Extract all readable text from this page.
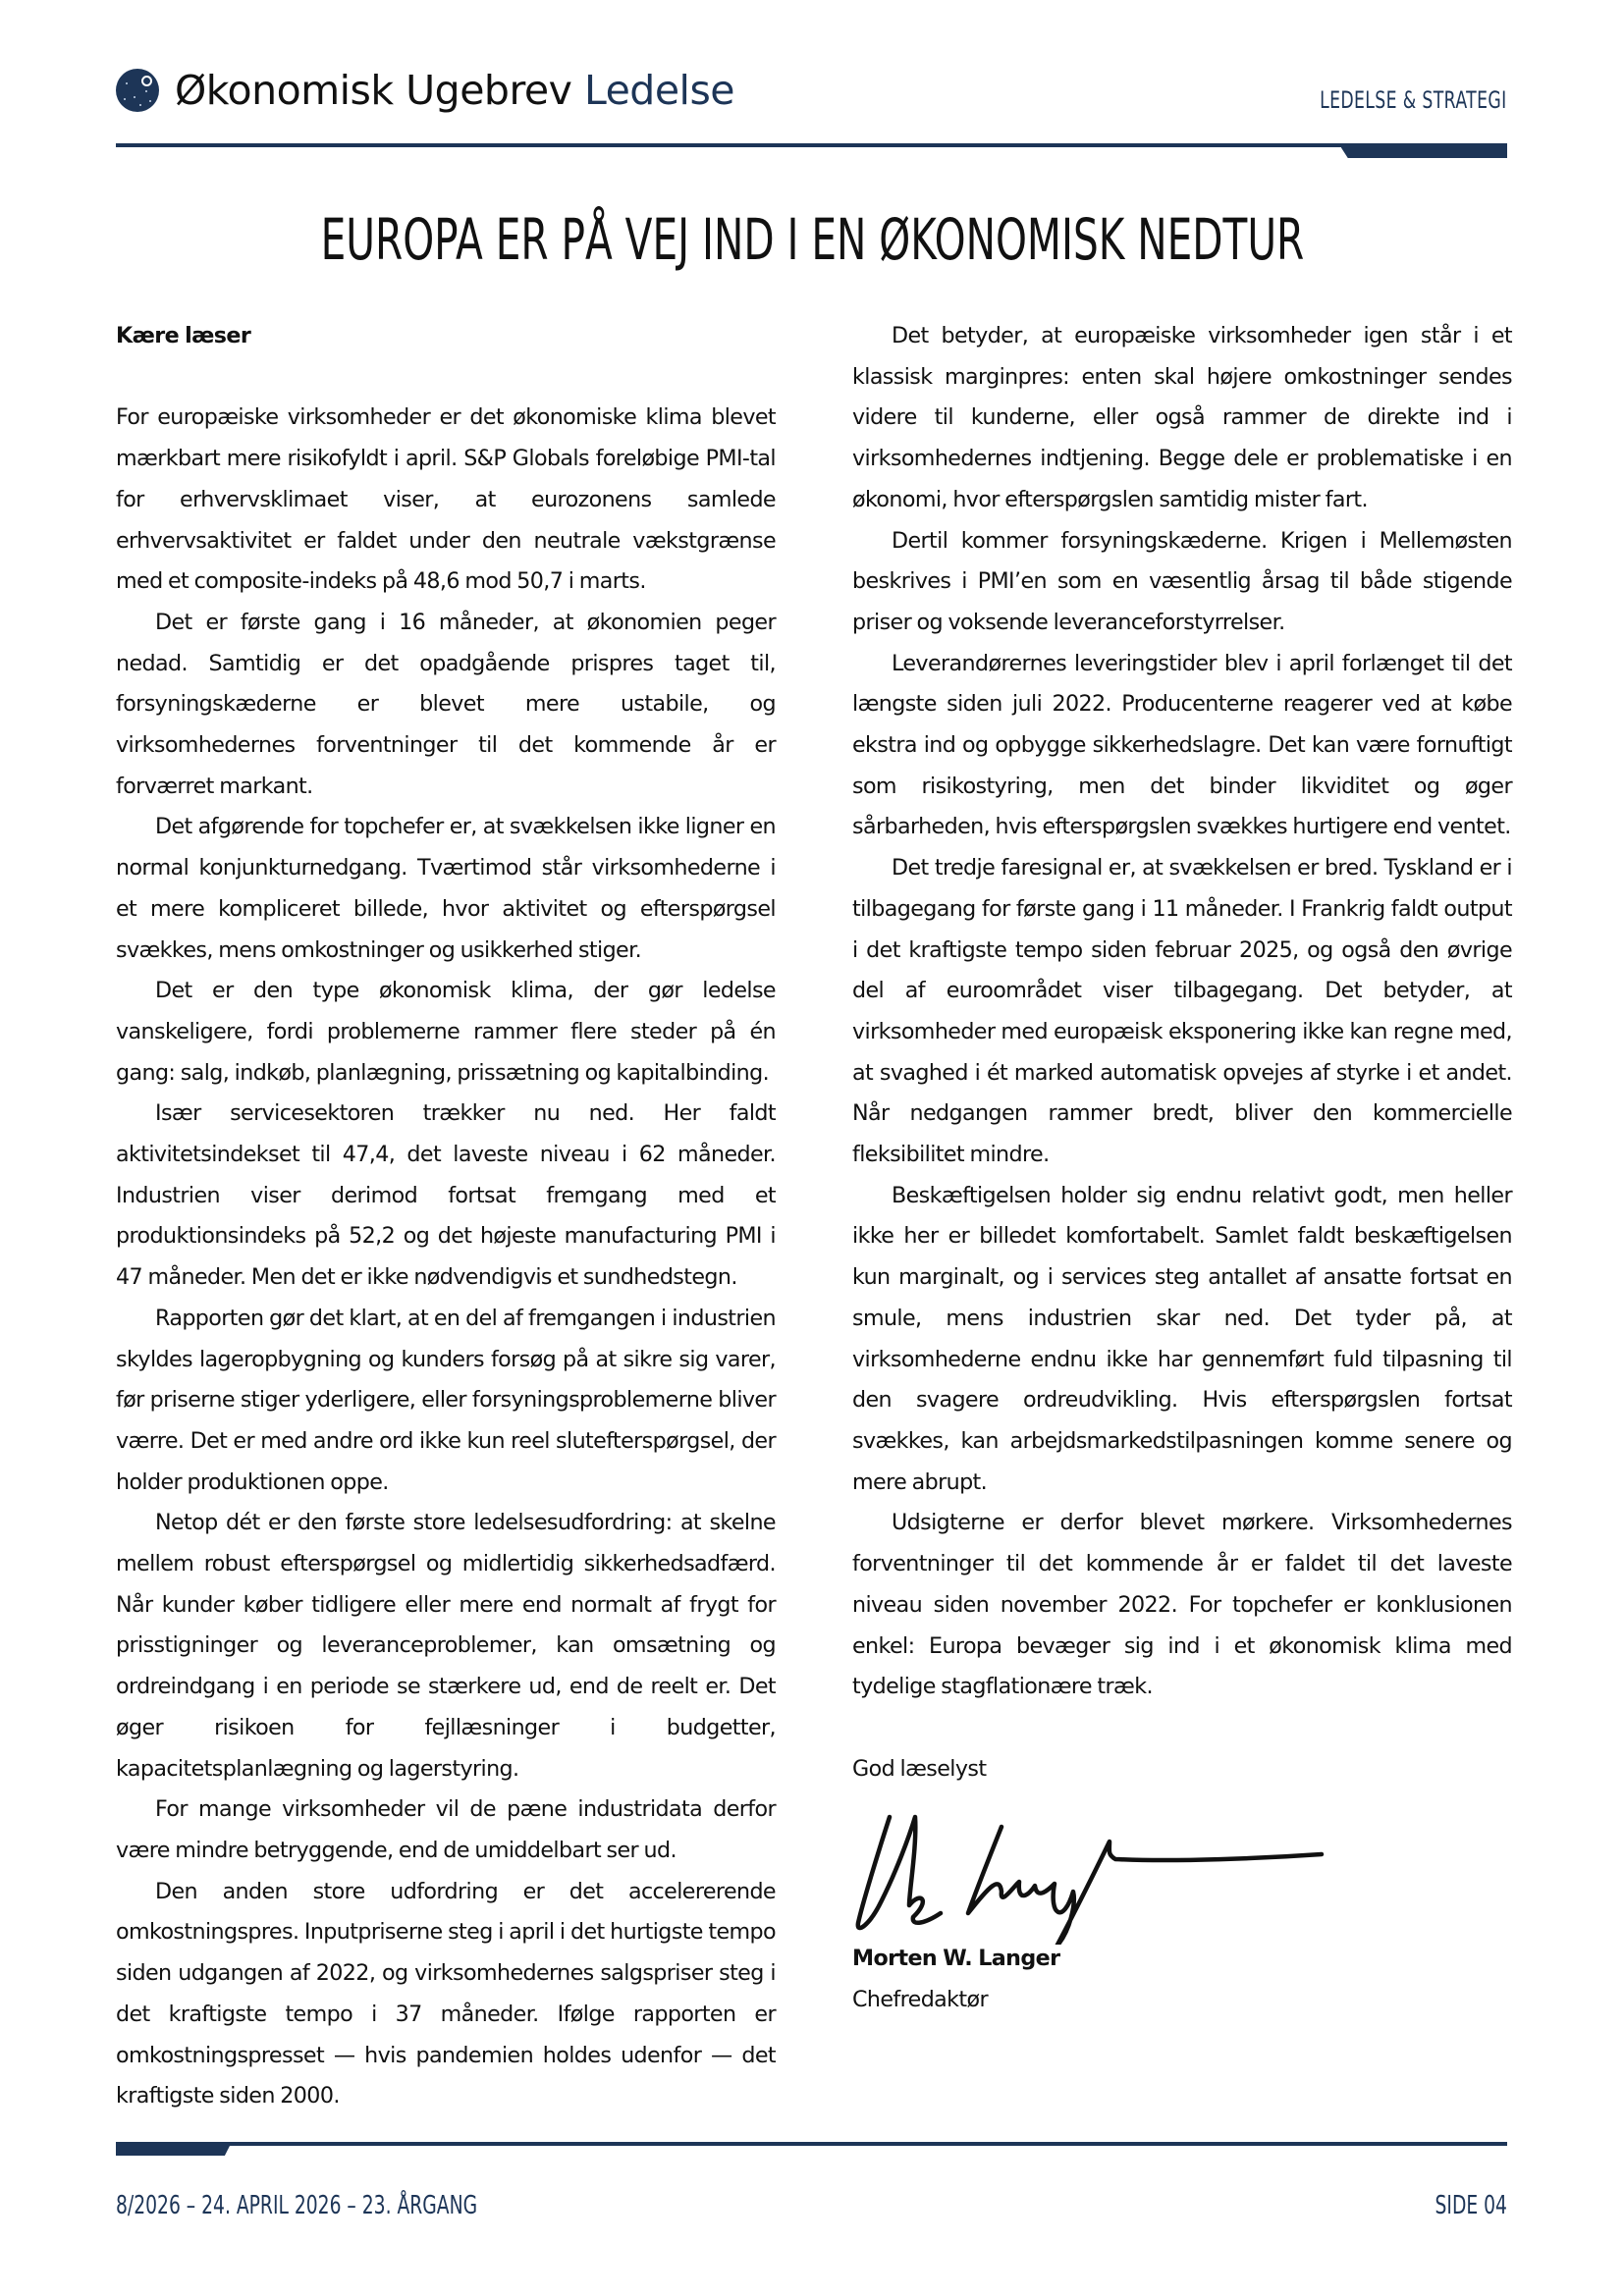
Økonomisk Ugebrev Ledelse	LEDELSE & STRATEGI
EUROPA ER PÅ VEJ IND I EN ØKONOMISK NEDTUR

Kære læser

For europæiske virksomheder er det økonomiske klima blevet mærkbart mere risikofyldt i april. S&P Globals foreløbige PMI-tal for erhvervsklimaet viser, at eurozonens samlede erhvervsaktivitet er faldet under den neutrale vækstgrænse med et composite-indeks på 48,6 mod 50,7 i marts.

Det er første gang i 16 måneder, at økonomien peger nedad. Samtidig er det opadgående prispres taget til, forsyningskæderne er blevet mere ustabile, og virksomhedernes forventninger til det kommende år er forværret markant.

Det afgørende for topchefer er, at svækkelsen ikke ligner en normal konjunkturnedgang. Tværtimod står virksomhederne i et mere kompliceret billede, hvor aktivitet og efterspørgsel svækkes, mens omkostninger og usikkerhed stiger.

Det er den type økonomisk klima, der gør ledelse vanskeligere, fordi problemerne rammer flere steder på én gang: salg, indkøb, planlægning, prissætning og kapitalbinding.

Især servicesektoren trækker nu ned. Her faldt aktivitetsindekset til 47,4, det laveste niveau i 62 måneder. Industrien viser derimod fortsat fremgang med et produktionsindeks på 52,2 og det højeste manufacturing PMI i 47 måneder. Men det er ikke nødvendigvis et sundhedstegn.

Rapporten gør det klart, at en del af fremgangen i industrien skyldes lageropbygning og kunders forsøg på at sikre sig varer, før priserne stiger yderligere, eller forsyningsproblemerne bliver værre. Det er med andre ord ikke kun reel slutefterspørgsel, der holder produktionen oppe.

Netop dét er den første store ledelsesudfordring: at skelne mellem robust efterspørgsel og midlertidig sikkerhedsadfærd. Når kunder køber tidligere eller mere end normalt af frygt for prisstigninger og leveranceproblemer, kan omsætning og ordreindgang i en periode se stærkere ud, end de reelt er. Det øger risikoen for fejllæsninger i budgetter, kapacitetsplanlægning og lagerstyring.

For mange virksomheder vil de pæne industridata derfor være mindre betryggende, end de umiddelbart ser ud.

Den anden store udfordring er det accelererende omkostningspres. Inputpriserne steg i april i det hurtigste tempo siden udgangen af 2022, og virksomhedernes salgspriser steg i det kraftigste tempo i 37 måneder. Ifølge rapporten er omkostningspresset — hvis pandemien holdes udenfor — det kraftigste siden 2000.

Det betyder, at europæiske virksomheder igen står i et klassisk marginpres: enten skal højere omkostninger sendes videre til kunderne, eller også rammer de direkte ind i virksomhedernes indtjening. Begge dele er problematiske i en økonomi, hvor efterspørgslen samtidig mister fart.

Dertil kommer forsyningskæderne. Krigen i Mellemøsten beskrives i PMI’en som en væsentlig årsag til både stigende priser og voksende leveranceforstyrrelser.

Leverandørernes leveringstider blev i april forlænget til det længste siden juli 2022. Producenterne reagerer ved at købe ekstra ind og opbygge sikkerhedslagre. Det kan være fornuftigt som risikostyring, men det binder likviditet og øger sårbarheden, hvis efterspørgslen svækkes hurtigere end ventet.

Det tredje faresignal er, at svækkelsen er bred. Tyskland er i tilbagegang for første gang i 11 måneder. I Frankrig faldt output i det kraftigste tempo siden februar 2025, og også den øvrige del af euroområdet viser tilbagegang. Det betyder, at virksomheder med europæisk eksponering ikke kan regne med, at svaghed i ét marked automatisk opvejes af styrke i et andet. Når nedgangen rammer bredt, bliver den kommercielle fleksibilitet mindre.

Beskæftigelsen holder sig endnu relativt godt, men heller ikke her er billedet komfortabelt. Samlet faldt beskæftigelsen kun marginalt, og i services steg antallet af ansatte fortsat en smule, mens industrien skar ned. Det tyder på, at virksomhederne endnu ikke har gennemført fuld tilpasning til den svagere ordreudvikling. Hvis efterspørgslen fortsat svækkes, kan arbejdsmarkedstilpasningen komme senere og mere abrupt.

Udsigterne er derfor blevet mørkere. Virksomhedernes forventninger til det kommende år er faldet til det laveste niveau siden november 2022. For topchefer er konklusionen enkel: Europa bevæger sig ind i et økonomisk klima med tydelige stagflationære træk.

God læselyst

Morten W. Langer

Chefredaktør

8/2026 – 24. APRIL 2026 – 23. ÅRGANG	SIDE 04
